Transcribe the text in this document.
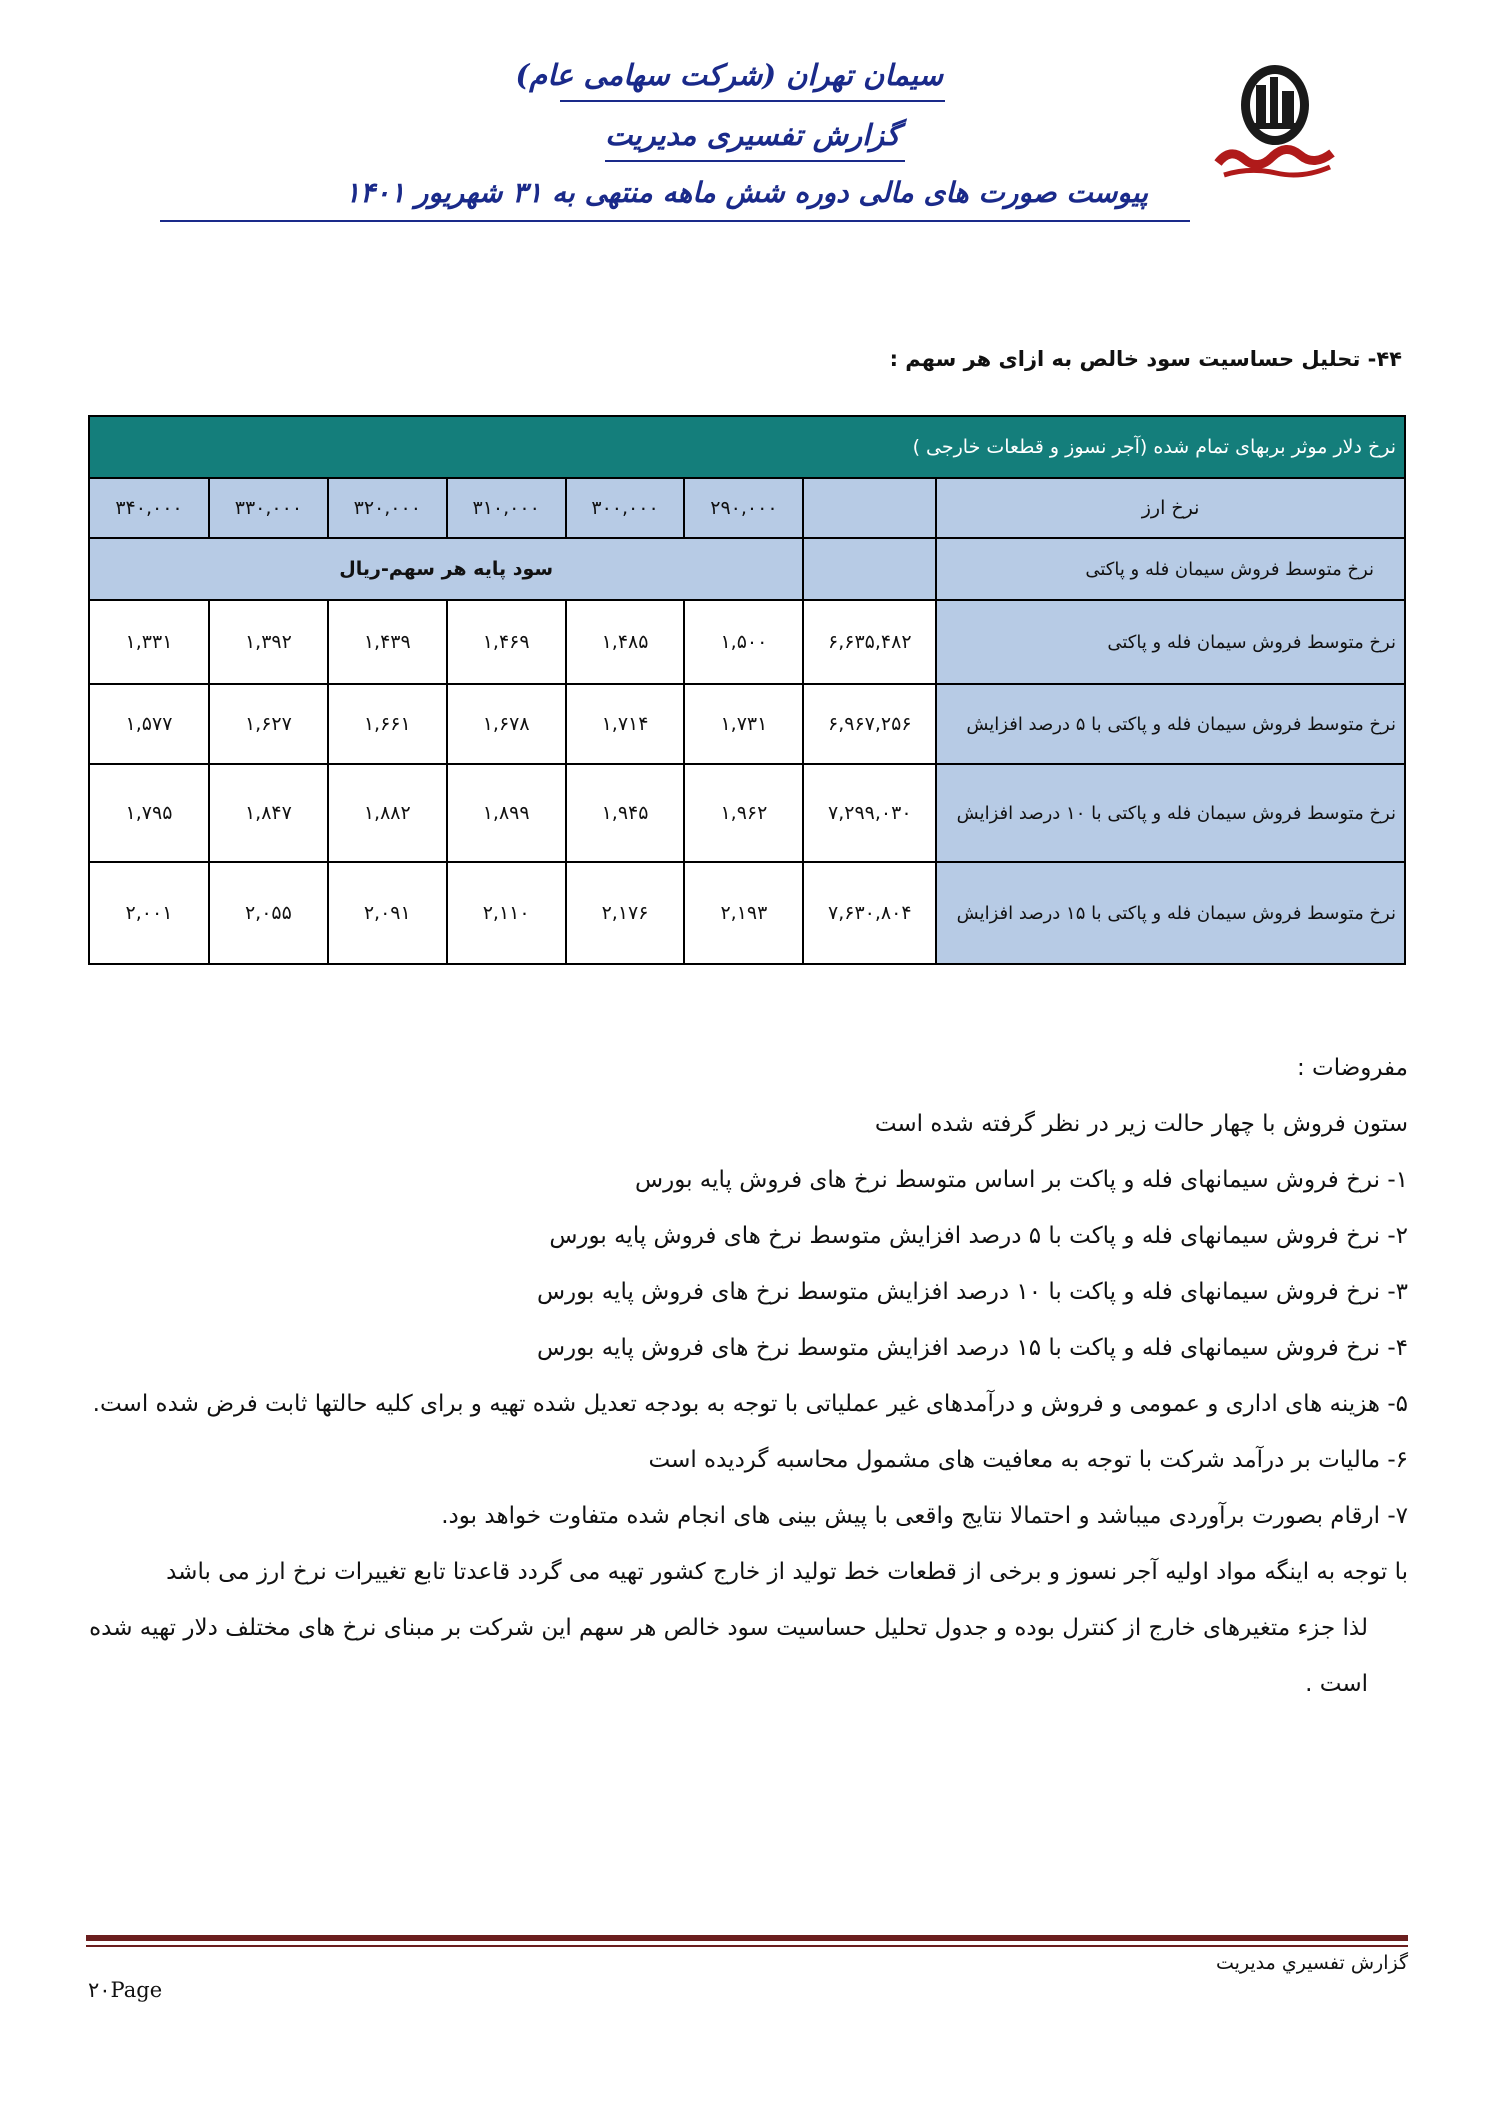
سیمان تهران (شرکت سهامی عام)
گزارش تفسیری مدیریت
پیوست صورت های مالی دوره شش ماهه منتهی به ۳۱ شهریور ۱۴۰۱
۴۴- تحلیل حساسیت سود خالص به ازای هر سهم :
نرخ دلار موثر بربهای تمام شده (آجر نسوز و قطعات خارجی )							
نرخ ارز		۲۹۰,۰۰۰	۳۰۰,۰۰۰	۳۱۰,۰۰۰	۳۲۰,۰۰۰	۳۳۰,۰۰۰	۳۴۰,۰۰۰
نرخ متوسط فروش سیمان فله و پاکتی		سود پایه هر سهم-ریال					
نرخ متوسط فروش سیمان فله و پاکتی	۶,۶۳۵,۴۸۲	۱,۵۰۰	۱,۴۸۵	۱,۴۶۹	۱,۴۳۹	۱,۳۹۲	۱,۳۳۱
نرخ متوسط فروش سیمان فله و پاکتی با ۵ درصد افزایش	۶,۹۶۷,۲۵۶	۱,۷۳۱	۱,۷۱۴	۱,۶۷۸	۱,۶۶۱	۱,۶۲۷	۱,۵۷۷
نرخ متوسط فروش سیمان فله و پاکتی با ۱۰ درصد افزایش	۷,۲۹۹,۰۳۰	۱,۹۶۲	۱,۹۴۵	۱,۸۹۹	۱,۸۸۲	۱,۸۴۷	۱,۷۹۵
نرخ متوسط فروش سیمان فله و پاکتی با ۱۵ درصد افزایش	۷,۶۳۰,۸۰۴	۲,۱۹۳	۲,۱۷۶	۲,۱۱۰	۲,۰۹۱	۲,۰۵۵	۲,۰۰۱

مفروضات :

ستون فروش با چهار حالت زیر در نظر گرفته شده است

۱- نرخ فروش سیمانهای فله و پاکت بر اساس متوسط نرخ های فروش پایه بورس

۲- نرخ فروش سیمانهای فله و پاکت با ۵ درصد افزایش متوسط نرخ های فروش پایه بورس

۳- نرخ فروش سیمانهای فله و پاکت با ۱۰ درصد افزایش متوسط نرخ های فروش پایه بورس

۴- نرخ فروش سیمانهای فله و پاکت با ۱۵ درصد افزایش متوسط نرخ های فروش پایه بورس

۵- هزینه های اداری و عمومی و فروش و درآمدهای غیر عملیاتی با توجه به بودجه تعدیل شده تهیه و برای کلیه حالتها ثابت فرض شده است.

۶- مالیات بر درآمد شرکت با توجه به معافیت های مشمول محاسبه گردیده است

۷- ارقام بصورت برآوردی میباشد و احتمالا نتایج واقعی با پیش بینی های انجام شده متفاوت خواهد بود.

با توجه به اینگه مواد اولیه آجر نسوز و برخی از قطعات خط تولید از خارج کشور تهیه می گردد قاعدتا تابع تغییرات نرخ ارز می باشد

لذا جزء متغیرهای خارج از کنترل بوده و جدول تحلیل حساسیت سود خالص هر سهم این شرکت بر مبنای نرخ های مختلف دلار تهیه شده است .

گزارش تفسيري مديريت
۲۰Page
